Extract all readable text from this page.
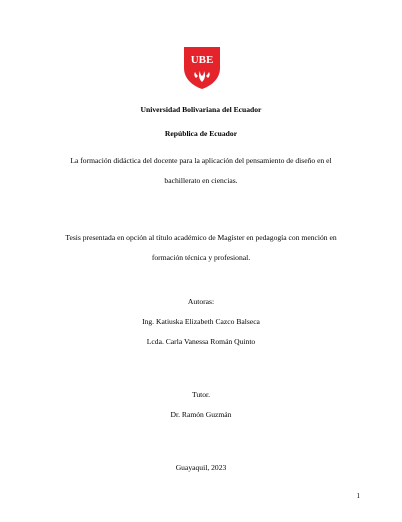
UBE
Universidad Bolivariana del Ecuador
República de Ecuador
La formación didáctica del docente para la aplicación del pensamiento de diseño en el
bachillerato en ciencias.
Tesis presentada en opción al título académico de Magíster en pedagogía con mención en
formación técnica y profesional.
Autoras:
Ing. Katiuska Elizabeth Cazco Balseca
Lcda. Carla Vanessa Román Quinto
Tutor.
Dr. Ramón Guzmán
Guayaquil, 2023
1
